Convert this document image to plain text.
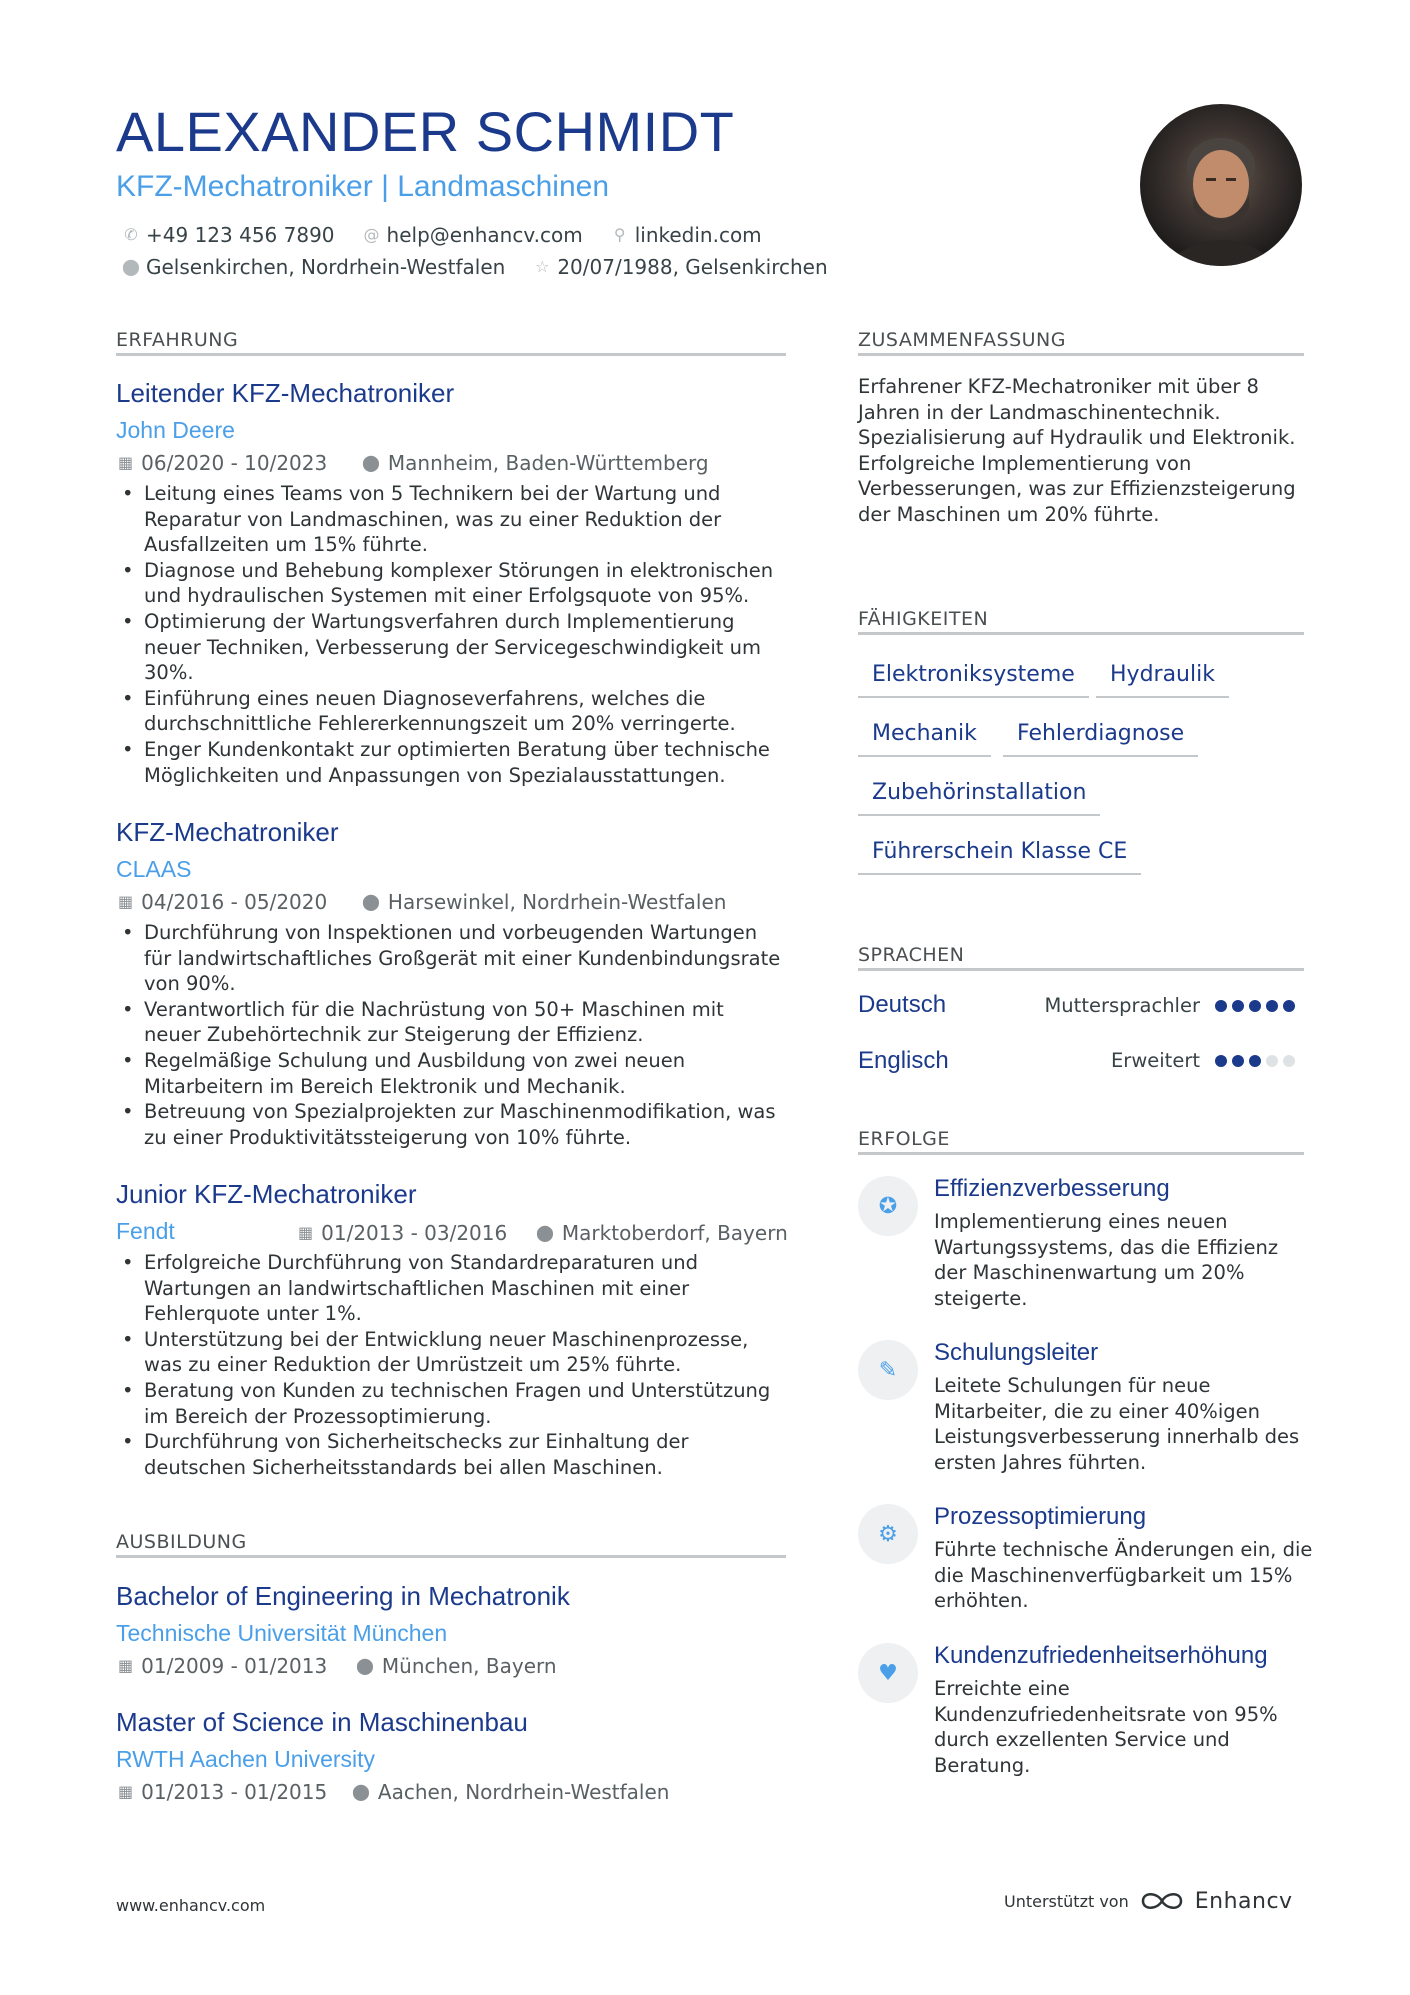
ALEXANDER SCHMIDT
KFZ-Mechatroniker | Landmaschinen
✆ +49 123 456 7890 @ help@enhancv.com ⚲ linkedin.com
⬤ Gelsenkirchen, Nordrhein-Westfalen ☆ 20/07/1988, Gelsenkirchen
ERFAHRUNG
Leitender KFZ-Mechatroniker
John Deere
▦ 06/2020 - 10/2023 ⬤ Mannheim, Baden-Württemberg
• Leitung eines Teams von 5 Technikern bei der Wartung und Reparatur von Landmaschinen, was zu einer Reduktion der Ausfallzeiten um 15% führte.
• Diagnose und Behebung komplexer Störungen in elektronischen und hydraulischen Systemen mit einer Erfolgsquote von 95%.
• Optimierung der Wartungsverfahren durch Implementierung neuer Techniken, Verbesserung der Servicegeschwindigkeit um 30%.
• Einführung eines neuen Diagnoseverfahrens, welches die durchschnittliche Fehlererkennungszeit um 20% verringerte.
• Enger Kundenkontakt zur optimierten Beratung über technische Möglichkeiten und Anpassungen von Spezialausstattungen.
KFZ-Mechatroniker
CLAAS
▦ 04/2016 - 05/2020 ⬤ Harsewinkel, Nordrhein-Westfalen
• Durchführung von Inspektionen und vorbeugenden Wartungen für landwirtschaftliches Großgerät mit einer Kundenbindungsrate von 90%.
• Verantwortlich für die Nachrüstung von 50+ Maschinen mit neuer Zubehörtechnik zur Steigerung der Effizienz.
• Regelmäßige Schulung und Ausbildung von zwei neuen Mitarbeitern im Bereich Elektronik und Mechanik.
• Betreuung von Spezialprojekten zur Maschinenmodifikation, was zu einer Produktivitätssteigerung von 10% führte.
Junior KFZ-Mechatroniker
Fendt	▦ 01/2013 - 03/2016 ⬤ Marktoberdorf, Bayern
• Erfolgreiche Durchführung von Standardreparaturen und Wartungen an landwirtschaftlichen Maschinen mit einer Fehlerquote unter 1%.
• Unterstützung bei der Entwicklung neuer Maschinenprozesse, was zu einer Reduktion der Umrüstzeit um 25% führte.
• Beratung von Kunden zu technischen Fragen und Unterstützung im Bereich der Prozessoptimierung.
• Durchführung von Sicherheitschecks zur Einhaltung der deutschen Sicherheitsstandards bei allen Maschinen.
AUSBILDUNG
Bachelor of Engineering in Mechatronik
Technische Universität München
▦ 01/2009 - 01/2013 ⬤ München, Bayern
Master of Science in Maschinenbau
RWTH Aachen University
▦ 01/2013 - 01/2015 ⬤ Aachen, Nordrhein-Westfalen
ZUSAMMENFASSUNG
Erfahrener KFZ-Mechatroniker mit über 8 Jahren in der Landmaschinentechnik. Spezialisierung auf Hydraulik und Elektronik. Erfolgreiche Implementierung von Verbesserungen, was zur Effizienzsteigerung der Maschinen um 20% führte.
FÄHIGKEITEN
Elektroniksysteme	Hydraulik
Mechanik	Fehlerdiagnose
Zubehörinstallation
Führerschein Klasse CE
SPRACHEN
Deutsch	Muttersprachler
Englisch	Erweitert
ERFOLGE
✪
Effizienzverbesserung
Implementierung eines neuen Wartungssystems, das die Effizienz der Maschinenwartung um 20% steigerte.
✎
Schulungsleiter
Leitete Schulungen für neue Mitarbeiter, die zu einer 40%igen Leistungsverbesserung innerhalb des ersten Jahres führten.
⚙
Prozessoptimierung
Führte technische Änderungen ein, die die Maschinenverfügbarkeit um 15% erhöhten.
♥
Kundenzufriedenheitserhöhung
Erreichte eine Kundenzufriedenheitsrate von 95% durch exzellenten Service und Beratung.
www.enhancv.com	Unterstützt von	Enhancv
